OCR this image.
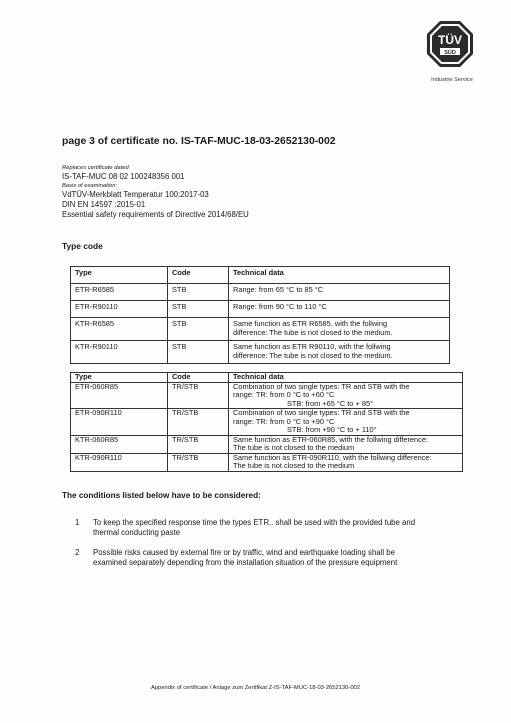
TÜV
SÜD
Industrie Service
page 3 of certificate no. IS-TAF-MUC-18-03-2652130-002
Replaces certificate dated
IS-TAF-MUC 08 02 100248356 001
Basis of examination:
VdTÜV-Merkblatt Temperatur 100:2017-03
DIN EN 14597 :2015-01
Essential safety requirements of Directive 2014/68/EU
Type code
Type	Code	Technical data
ETR-R6585	STB	Range: from 65 °C to 85 °C
ETR-R90110	STB	Range: from 90 °C to 110 °C
KTR-R6585	STB	Same function as ETR R6585, with the follwing
difference: The tube is not closed to the medium.

KTR-R90110	STB	Same function as ETR R90110, with the follwing
difference: The tube is not closed to the medium.
Type	Code	Technical data
ETR-060R85	TR/STB	Combination of two single types: TR and STB with the
range: TR: from 0 °C to +60 °C
STB: from +65 °C to + 85°

ETR-090R110	TR/STB	Combination of two single types: TR and STB with the
range: TR: from 0 °C to +90 °C
STB: from +90 °C to + 110°

KTR-060R85	TR/STB	Same function as ETR-060R85, with the follwing difference:
The tube is not closed to the medium

KTR-090R110	TR/STB	Same function as ETR-090R110, with the follwing difference:
The tube is not closed to the medium
The conditions listed below have to be considered:
1 To keep the specified response time the types ETR.. shall be used with the provided tube and
thermal conducting paste
2 Possible risks caused by external fire or by traffic, wind and earthquake loading shall be
examined separately depending from the installation situation of the pressure equipment
Appendix of certificate / Anlage zum Zertifikat Z-IS-TAF-MUC-18-03-2652130-002
